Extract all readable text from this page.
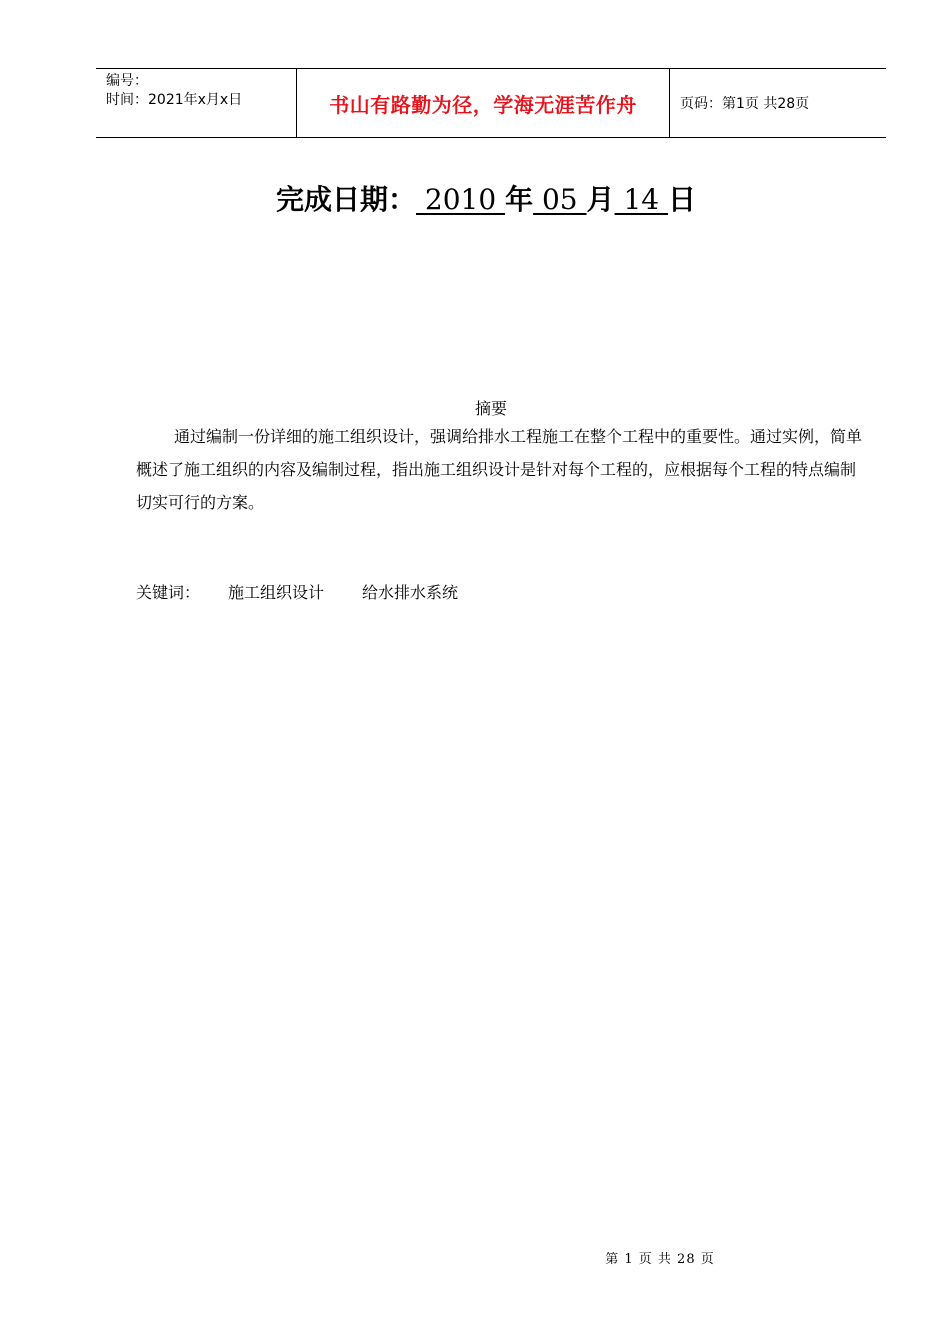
编号：
时间：2021年x月x日	书山有路勤为径，学海无涯苦作舟	页码：第1页 共28页
完成日期： 2010 年 05 月 14 日
摘要

通过编制一份详细的施工组织设计，强调给排水工程施工在整个工程中的重要性。通过实例，简单概述了施工组织的内容及编制过程，指出施工组织设计是针对每个工程的，应根据每个工程的特点编制切实可行的方案。

关键词： 施工组织设计 给水排水系统
第 1 页 共 28 页
